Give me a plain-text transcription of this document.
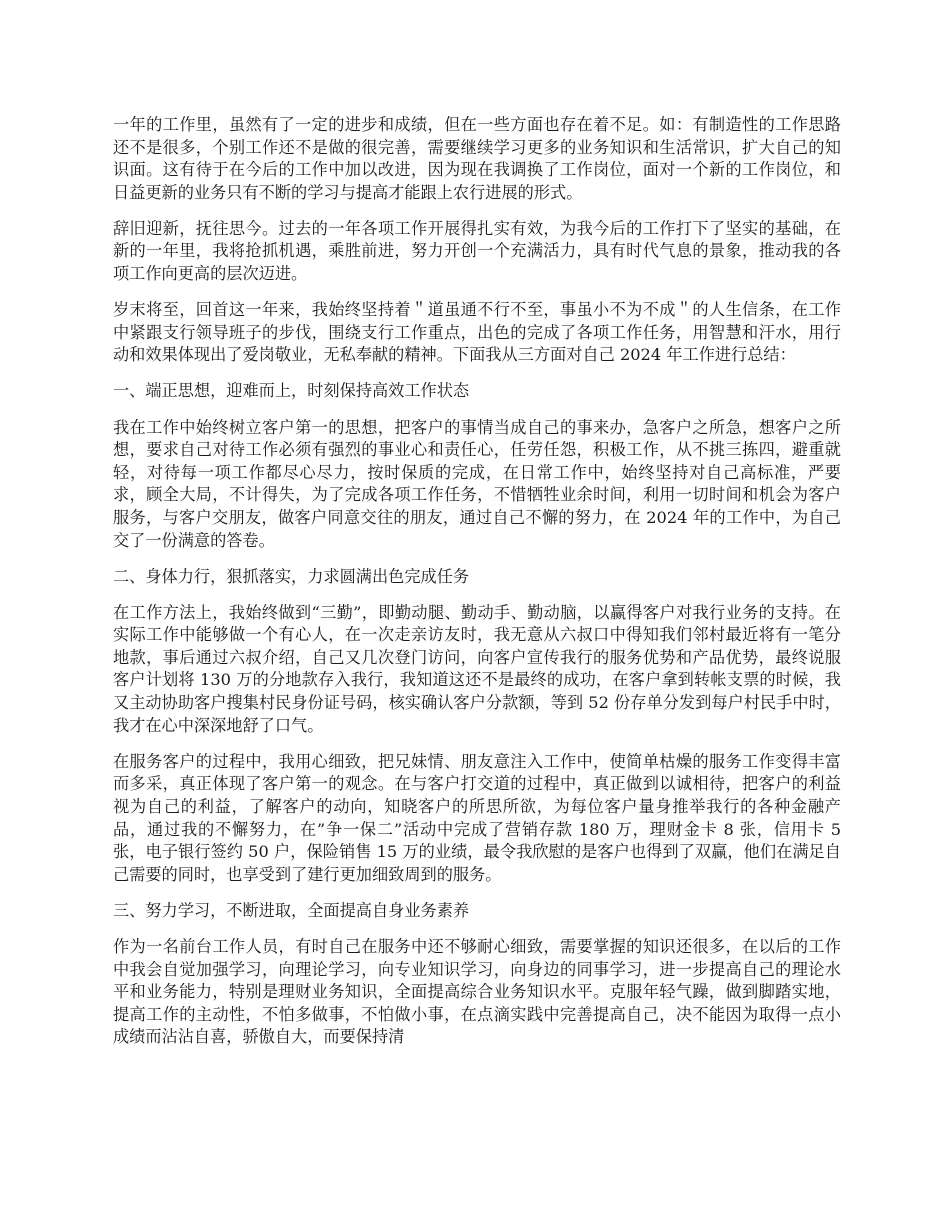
一年的工作里，虽然有了一定的进步和成绩，但在一些方面也存在着不足。如：有制造性的工作思路还不是很多，个别工作还不是做的很完善，需要继续学习更多的业务知识和生活常识，扩大自己的知识面。这有待于在今后的工作中加以改进，因为现在我调换了工作岗位，面对一个新的工作岗位，和日益更新的业务只有不断的学习与提高才能跟上农行进展的形式。

辞旧迎新，抚往思今。过去的一年各项工作开展得扎实有效，为我今后的工作打下了坚实的基础，在新的一年里，我将抢抓机遇，乘胜前进，努力开创一个充满活力，具有时代气息的景象，推动我的各项工作向更高的层次迈进。

岁末将至，回首这一年来，我始终坚持着＂道虽通不行不至，事虽小不为不成＂的人生信条，在工作中紧跟支行领导班子的步伐，围绕支行工作重点，出色的完成了各项工作任务，用智慧和汗水，用行动和效果体现出了爱岗敬业，无私奉献的精神。下面我从三方面对自己 2024 年工作进行总结：

一、端正思想，迎难而上，时刻保持高效工作状态

我在工作中始终树立客户第一的思想，把客户的事情当成自己的事来办，急客户之所急，想客户之所想，要求自己对待工作必须有强烈的事业心和责任心，任劳任怨，积极工作，从不挑三拣四，避重就轻，对待每一项工作都尽心尽力，按时保质的完成，在日常工作中，始终坚持对自己高标准，严要求，顾全大局，不计得失，为了完成各项工作任务，不惜牺牲业余时间，利用一切时间和机会为客户服务，与客户交朋友，做客户同意交往的朋友，通过自己不懈的努力，在 2024 年的工作中，为自己交了一份满意的答卷。

二、身体力行，狠抓落实，力求圆满出色完成任务

在工作方法上，我始终做到“三勤”，即勤动腿、勤动手、勤动脑，以赢得客户对我行业务的支持。在实际工作中能够做一个有心人，在一次走亲访友时，我无意从六叔口中得知我们邻村最近将有一笔分地款，事后通过六叔介绍，自己又几次登门访问，向客户宣传我行的服务优势和产品优势，最终说服客户计划将 130 万的分地款存入我行，我知道这还不是最终的成功，在客户拿到转帐支票的时候，我又主动协助客户搜集村民身份证号码，核实确认客户分款额，等到 52 份存单分发到每户村民手中时，我才在心中深深地舒了口气。

在服务客户的过程中，我用心细致，把兄妹情、朋友意注入工作中，使简单枯燥的服务工作变得丰富而多采，真正体现了客户第一的观念。在与客户打交道的过程中，真正做到以诚相待，把客户的利益视为自己的利益，了解客户的动向，知晓客户的所思所欲，为每位客户量身推举我行的各种金融产品，通过我的不懈努力，在”争一保二”活动中完成了营销存款 180 万，理财金卡 8 张，信用卡 5 张，电子银行签约 50 户，保险销售 15 万的业绩，最令我欣慰的是客户也得到了双赢，他们在满足自己需要的同时，也享受到了建行更加细致周到的服务。

三、努力学习，不断进取，全面提高自身业务素养

作为一名前台工作人员，有时自己在服务中还不够耐心细致，需要掌握的知识还很多，在以后的工作中我会自觉加强学习，向理论学习，向专业知识学习，向身边的同事学习，进一步提高自己的理论水平和业务能力，特别是理财业务知识，全面提高综合业务知识水平。克服年轻气躁，做到脚踏实地，提高工作的主动性，不怕多做事，不怕做小事，在点滴实践中完善提高自己，决不能因为取得一点小成绩而沾沾自喜，骄傲自大，而要保持清
